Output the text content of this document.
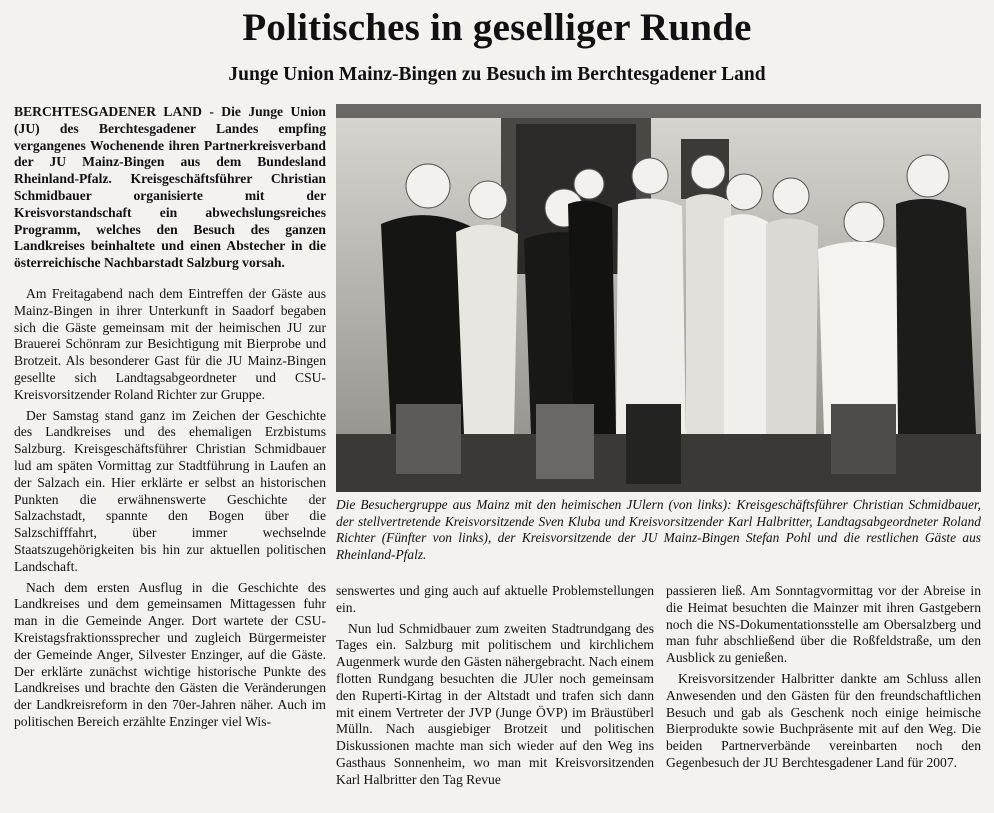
Politisches in geselliger Runde
Junge Union Mainz-Bingen zu Besuch im Berchtesgadener Land

BERCHTESGADENER LAND - Die Junge Union (JU) des Berchtesgadener Landes empfing vergangenes Wochenende ihren Partnerkreisverband der JU Mainz-Bingen aus dem Bundesland Rheinland-Pfalz. Kreisgeschäftsführer Christian Schmidbauer organisierte mit der Kreisvorstandschaft ein abwechslungsreiches Programm, welches den Besuch des ganzen Landkreises beinhaltete und einen Abstecher in die österreichische Nachbarstadt Salzburg vorsah.

Am Freitagabend nach dem Eintreffen der Gäste aus Mainz-Bingen in ihrer Unterkunft in Saadorf begaben sich die Gäste gemeinsam mit der heimischen JU zur Brauerei Schönram zur Besichtigung mit Bierprobe und Brotzeit. Als besonderer Gast für die JU Mainz-Bingen gesellte sich Landtagsabgeordneter und CSU-Kreisvorsitzender Roland Richter zur Gruppe.

Der Samstag stand ganz im Zeichen der Geschichte des Landkreises und des ehemaligen Erzbistums Salzburg. Kreisgeschäftsführer Christian Schmidbauer lud am späten Vormittag zur Stadtführung in Laufen an der Salzach ein. Hier erklärte er selbst an historischen Punkten die erwähnenswerte Geschichte der Salzachstadt, spannte den Bogen über die Salzschifffahrt, über immer wechselnde Staatszugehörigkeiten bis hin zur aktuellen politischen Landschaft.

Nach dem ersten Ausflug in die Geschichte des Landkreises und dem gemeinsamen Mittagessen fuhr man in die Gemeinde Anger. Dort wartete der CSU-Kreistagsfraktionssprecher und zugleich Bürgermeister der Gemeinde Anger, Silvester Enzinger, auf die Gäste. Der erklärte zunächst wichtige historische Punkte des Landkreises und brachte den Gästen die Veränderungen der Landkreisreform in den 70er-Jahren näher. Auch im politischen Bereich erzählte Enzinger viel Wis-

Die Besuchergruppe aus Mainz mit den heimischen JUlern (von links): Kreisgeschäftsführer Christian Schmidbauer, der stellvertretende Kreisvorsitzende Sven Kluba und Kreisvorsitzender Karl Halbritter, Landtagsabgeordneter Roland Richter (Fünfter von links), der Kreisvorsitzende der JU Mainz-Bingen Stefan Pohl und die restlichen Gäste aus Rheinland-Pfalz.

senswertes und ging auch auf aktuelle Problemstellungen ein.

Nun lud Schmidbauer zum zweiten Stadtrundgang des Tages ein. Salzburg mit politischem und kirchlichem Augenmerk wurde den Gästen nähergebracht. Nach einem flotten Rundgang besuchten die JUler noch gemeinsam den Ruperti-Kirtag in der Altstadt und trafen sich dann mit einem Vertreter der JVP (Junge ÖVP) im Bräustüberl Mülln. Nach ausgiebiger Brotzeit und politischen Diskussionen machte man sich wieder auf den Weg ins Gasthaus Sonnenheim, wo man mit Kreisvorsitzenden Karl Halbritter den Tag Revue

passieren ließ. Am Sonntagvormittag vor der Abreise in die Heimat besuchten die Mainzer mit ihren Gastgebern noch die NS-Dokumentationsstelle am Obersalzberg und man fuhr abschließend über die Roßfeldstraße, um den Ausblick zu genießen.

Kreisvorsitzender Halbritter dankte am Schluss allen Anwesenden und den Gästen für den freundschaftlichen Besuch und gab als Geschenk noch einige heimische Bierprodukte sowie Buchpräsente mit auf den Weg. Die beiden Partnerverbände vereinbarten noch den Gegenbesuch der JU Berchtesgadener Land für 2007.
